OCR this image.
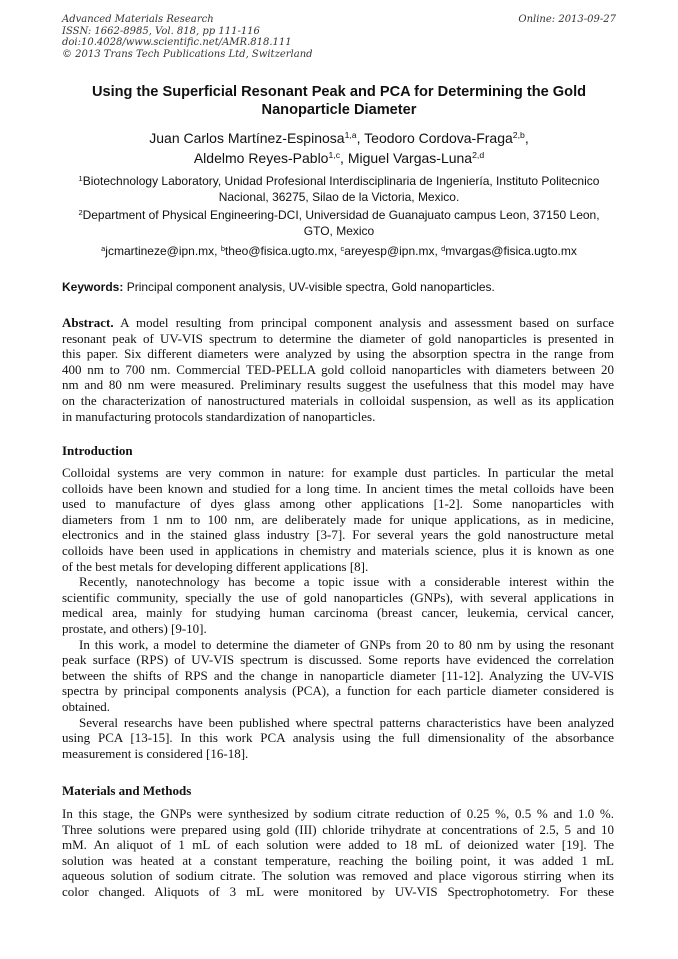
Advanced Materials Research
ISSN: 1662-8985, Vol. 818, pp 111-116
doi:10.4028/www.scientific.net/AMR.818.111
© 2013 Trans Tech Publications Ltd, Switzerland
Online: 2013-09-27
Using the Superficial Resonant Peak and PCA for Determining the Gold
Nanoparticle Diameter
Juan Carlos Martínez-Espinosa$^{1,a}$, Teodoro Cordova-Fraga$^{2,b}$,
Aldelmo Reyes-Pablo$^{1,c}$, Miguel Vargas-Luna$^{2,d}$
$^1$Biotechnology Laboratory, Unidad Profesional Interdisciplinaria de Ingeniería, Instituto Politecnico
Nacional, 36275, Silao de la Victoria, Mexico.
$^2$Department of Physical Engineering-DCI, Universidad de Guanajuato campus Leon, 37150 Leon,
GTO, Mexico
$^a$jcmartineze@ipn.mx, $^b$theo@fisica.ugto.mx, $^c$areyesp@ipn.mx, $^d$mvargas@fisica.ugto.mx
Keywords: Principal component analysis, UV-visible spectra, Gold nanoparticles.
Abstract. A model resulting from principal component analysis and assessment based on surface
resonant peak of UV-VIS spectrum to determine the diameter of gold nanoparticles is presented in
this paper. Six different diameters were analyzed by using the absorption spectra in the range from
400 nm to 700 nm. Commercial TED-PELLA gold colloid nanoparticles with diameters between 20
nm and 80 nm were measured. Preliminary results suggest the usefulness that this model may have
on the characterization of nanostructured materials in colloidal suspension, as well as its application
in manufacturing protocols standardization of nanoparticles.
Introduction
Colloidal systems are very common in nature: for example dust particles. In particular the metal
colloids have been known and studied for a long time. In ancient times the metal colloids have been
used to manufacture of dyes glass among other applications [1-2]. Some nanoparticles with
diameters from 1 nm to 100 nm, are deliberately made for unique applications, as in medicine,
electronics and in the stained glass industry [3-7]. For several years the gold nanostructure metal
colloids have been used in applications in chemistry and materials science, plus it is known as one
of the best metals for developing different applications [8].
Recently, nanotechnology has become a topic issue with a considerable interest within the
scientific community, specially the use of gold nanoparticles (GNPs), with several applications in
medical area, mainly for studying human carcinoma (breast cancer, leukemia, cervical cancer,
prostate, and others) [9-10].
In this work, a model to determine the diameter of GNPs from 20 to 80 nm by using the resonant
peak surface (RPS) of UV-VIS spectrum is discussed. Some reports have evidenced the correlation
between the shifts of RPS and the change in nanoparticle diameter [11-12]. Analyzing the UV-VIS
spectra by principal components analysis (PCA), a function for each particle diameter considered is
obtained.
Several researchs have been published where spectral patterns characteristics have been analyzed
using PCA [13-15]. In this work PCA analysis using the full dimensionality of the absorbance
measurement is considered [16-18].
Materials and Methods
In this stage, the GNPs were synthesized by sodium citrate reduction of 0.25 %, 0.5 % and 1.0 %.
Three solutions were prepared using gold (III) chloride trihydrate at concentrations of 2.5, 5 and 10
mM. An aliquot of 1 mL of each solution were added to 18 mL of deionized water [19]. The
solution was heated at a constant temperature, reaching the boiling point, it was added 1 mL
aqueous solution of sodium citrate. The solution was removed and place vigorous stirring when its
color changed. Aliquots of 3 mL were monitored by UV-VIS Spectrophotometry. For these
